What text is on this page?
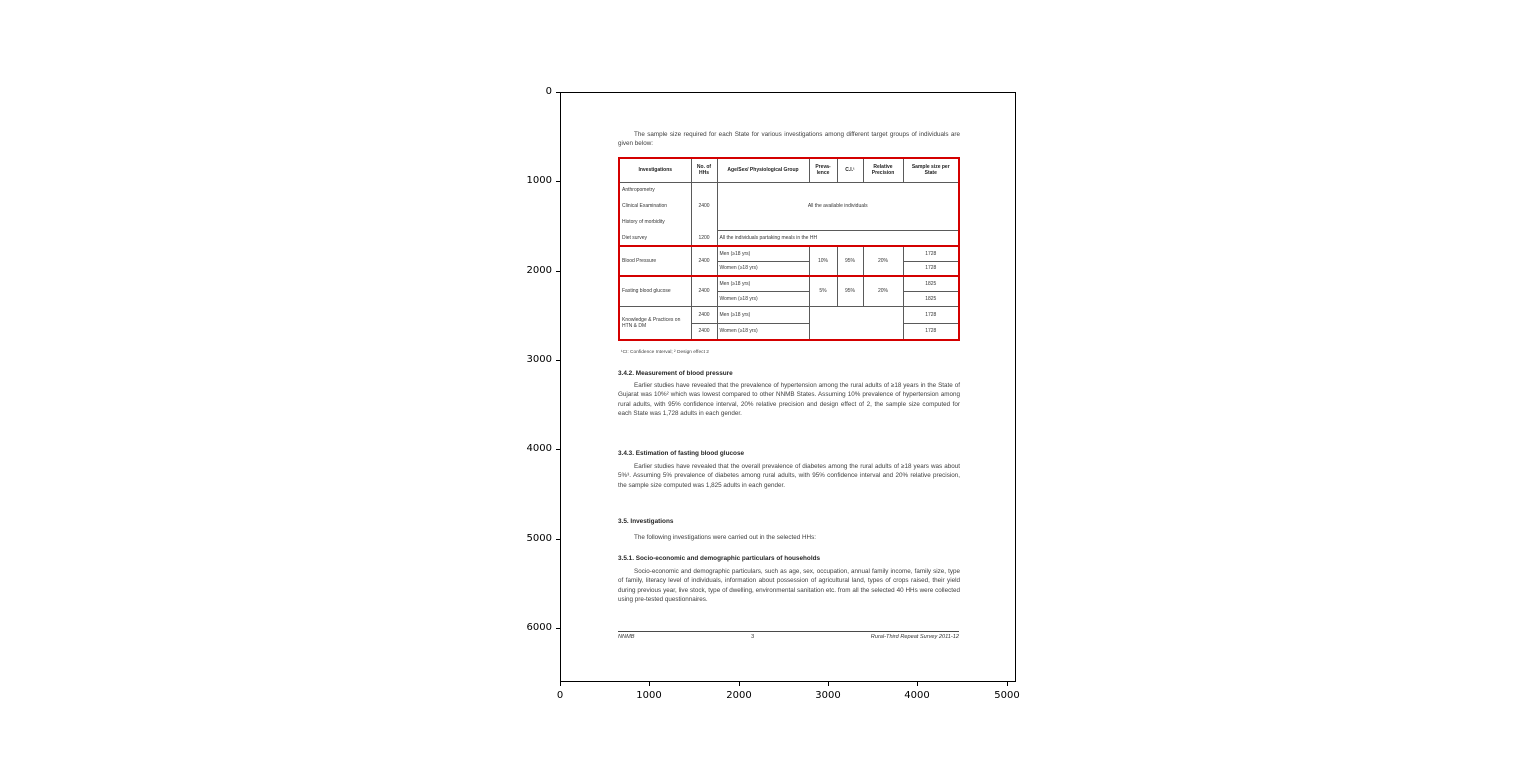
0
1000
2000
3000
4000
5000
6000
0	1000	2000	3000	4000	5000
The sample size required for each State for various investigations among different target groups of individuals are given below:
Investigations	No. of HHs	Age/Sex/ Physiological Group	Preva- lence	C.I.¹	Relative Precision	Sample size per State
Anthropometry		All the available individuals				
Clinical Examination	2400					
History of morbidity						
Diet survey	1200	All the individuals partaking meals in the HH				
Blood Pressure	2400	Men (≥18 yrs)	10%	95%	20%	1728
		Women (≥18 yrs)				1728
Fasting blood glucose	2400	Men (≥18 yrs)	5%	95%	20%	1825
		Women (≥18 yrs)				1825
Knowledge & Practices on HTN & DM	2400	Men (≥18 yrs)				1728
	2400	Women (≥18 yrs)				1728
¹CI: Confidence Interval; ² Design effect 2
3.4.2. Measurement of blood pressure
Earlier studies have revealed that the prevalence of hypertension among the rural adults of ≥18 years in the State of Gujarat was 10%² which was lowest compared to other NNMB States. Assuming 10% prevalence of hypertension among rural adults, with 95% confidence interval, 20% relative precision and design effect of 2, the sample size computed for each State was 1,728 adults in each gender.
3.4.3. Estimation of fasting blood glucose
Earlier studies have revealed that the overall prevalence of diabetes among the rural adults of ≥18 years was about 5%³. Assuming 5% prevalence of diabetes among rural adults, with 95% confidence interval and 20% relative precision, the sample size computed was 1,825 adults in each gender.
3.5. Investigations
The following investigations were carried out in the selected HHs:
3.5.1. Socio-economic and demographic particulars of households
Socio-economic and demographic particulars, such as age, sex, occupation, annual family income, family size, type of family, literacy level of individuals, information about possession of agricultural land, types of crops raised, their yield during previous year, live stock, type of dwelling, environmental sanitation etc. from all the selected 40 HHs were collected using pre-tested questionnaires.
NNMB	3	Rural-Third Repeat Survey 2011-12
